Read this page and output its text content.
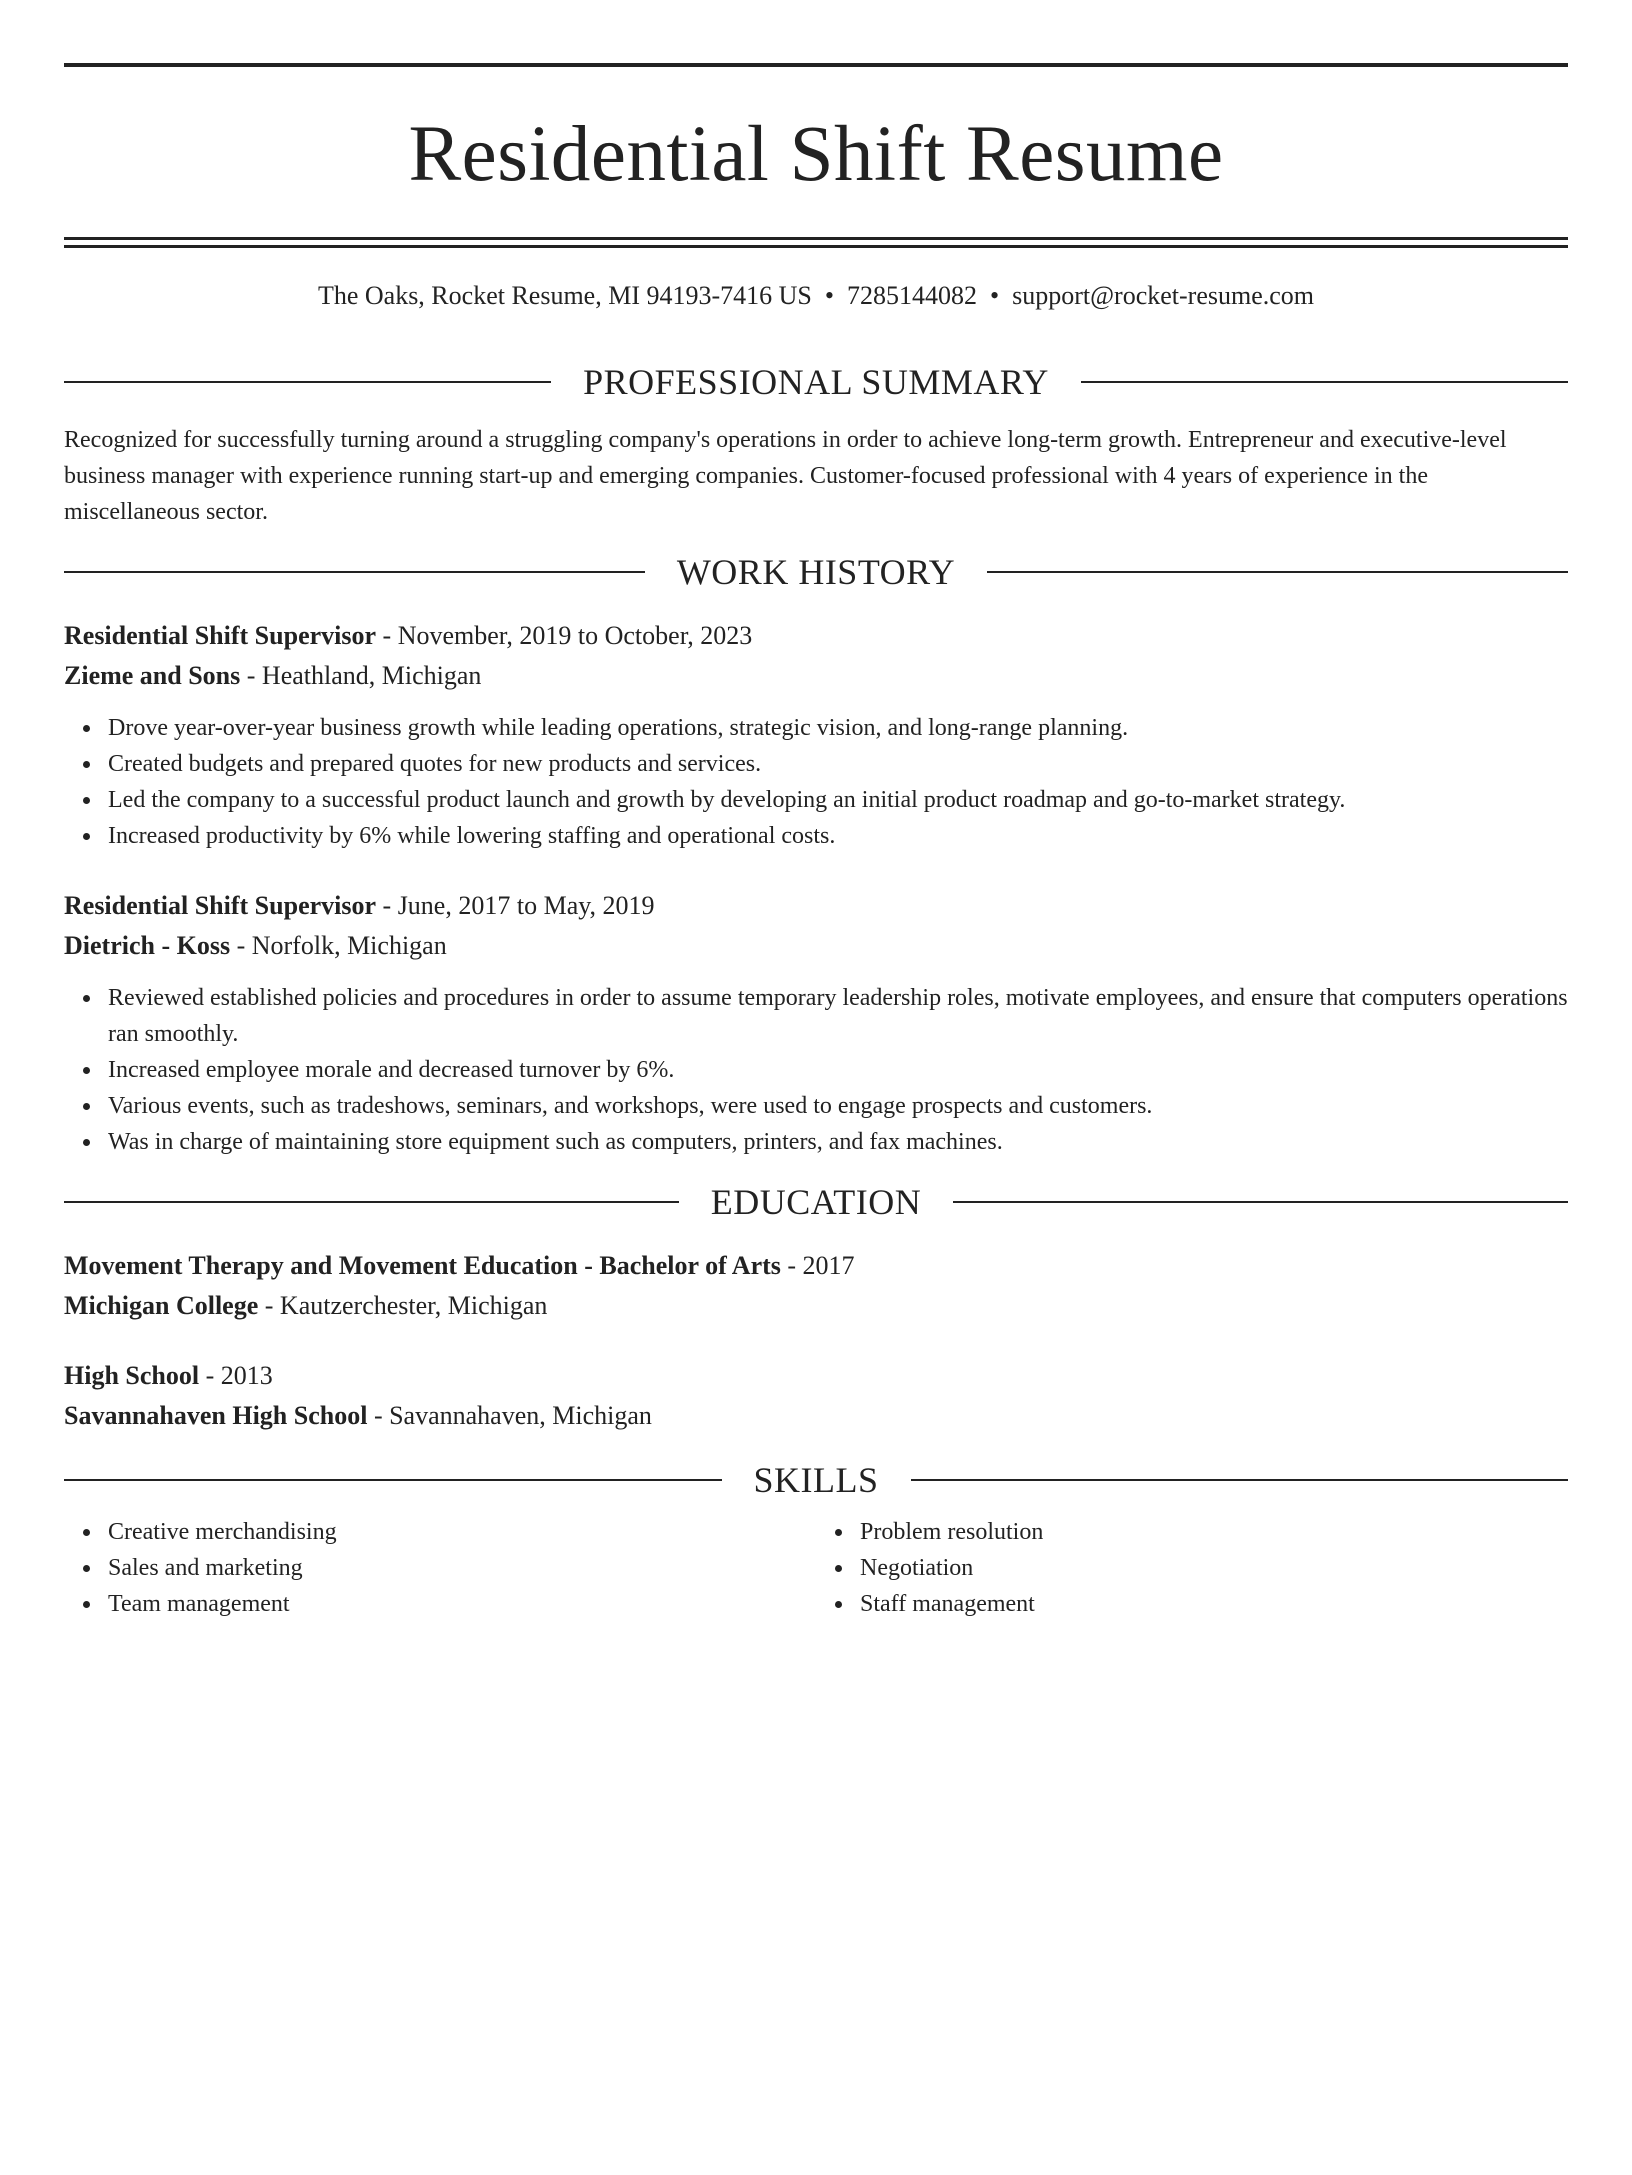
Residential Shift Resume
The Oaks, Rocket Resume, MI 94193-7416 US • 7285144082 • support@rocket-resume.com
PROFESSIONAL SUMMARY
Recognized for successfully turning around a struggling company's operations in order to achieve long-term growth. Entrepreneur and executive-level business manager with experience running start-up and emerging companies. Customer-focused professional with 4 years of experience in the miscellaneous sector.
WORK HISTORY
Residential Shift Supervisor - November, 2019 to October, 2023
Zieme and Sons - Heathland, Michigan
Drove year-over-year business growth while leading operations, strategic vision, and long-range planning.
Created budgets and prepared quotes for new products and services.
Led the company to a successful product launch and growth by developing an initial product roadmap and go-to-market strategy.
Increased productivity by 6% while lowering staffing and operational costs.
Residential Shift Supervisor - June, 2017 to May, 2019
Dietrich - Koss - Norfolk, Michigan
Reviewed established policies and procedures in order to assume temporary leadership roles, motivate employees, and ensure that computers operations ran smoothly.
Increased employee morale and decreased turnover by 6%.
Various events, such as tradeshows, seminars, and workshops, were used to engage prospects and customers.
Was in charge of maintaining store equipment such as computers, printers, and fax machines.
EDUCATION
Movement Therapy and Movement Education - Bachelor of Arts - 2017
Michigan College - Kautzerchester, Michigan
High School - 2013
Savannahaven High School - Savannahaven, Michigan
SKILLS
Creative merchandising
Sales and marketing
Team management
Problem resolution
Negotiation
Staff management
